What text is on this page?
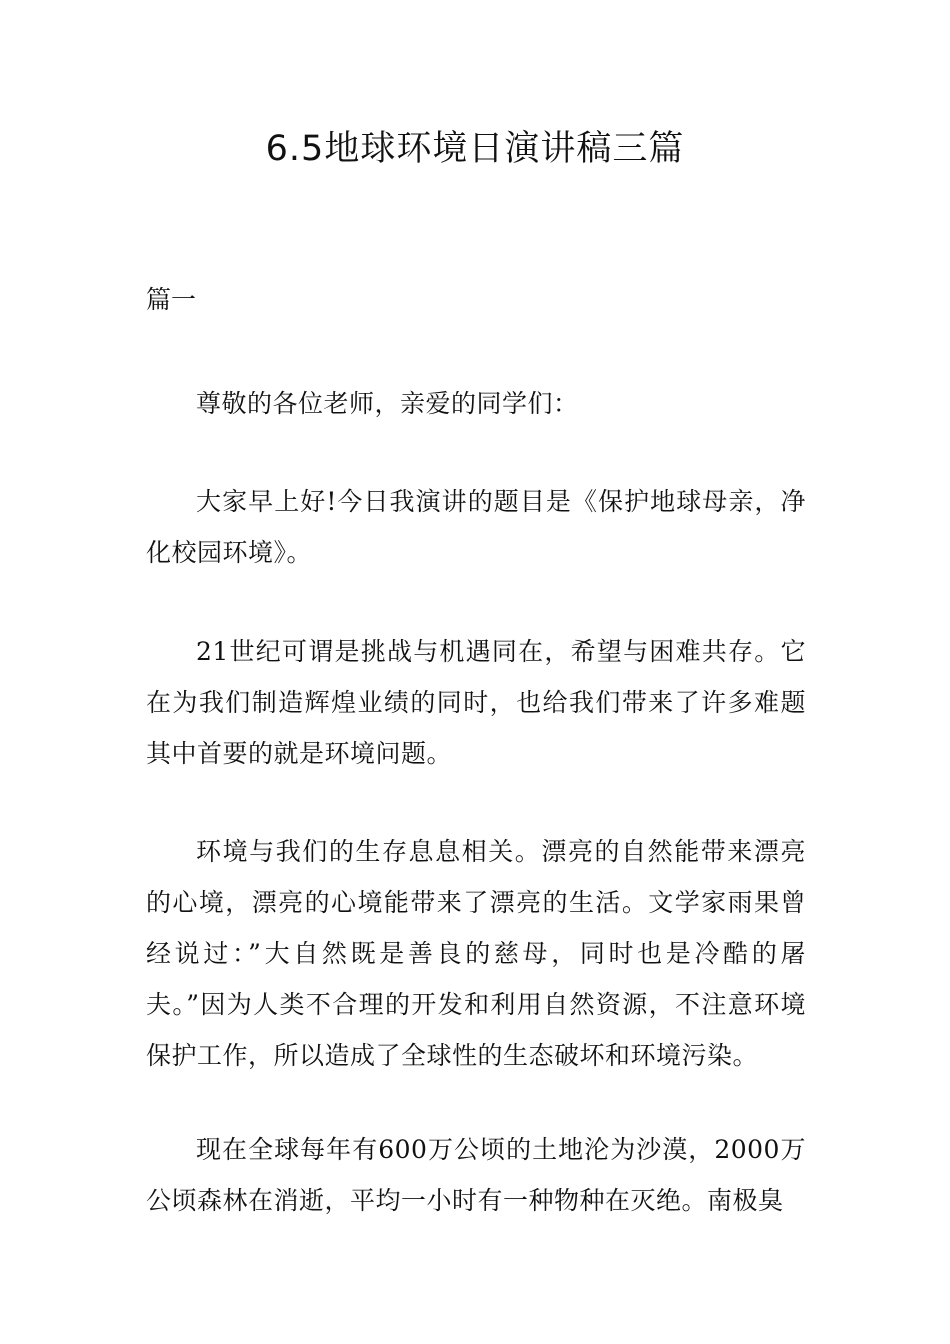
6.5地球环境日演讲稿三篇

篇一

尊敬的各位老师，亲爱的同学们：

大家早上好!今日我演讲的题目是《保护地球母亲，净化校园环境》。

21世纪可谓是挑战与机遇同在，希望与困难共存。它在为我们制造辉煌业绩的同时，也给我们带来了许多难题其中首要的就是环境问题。

环境与我们的生存息息相关。漂亮的自然能带来漂亮的心境，漂亮的心境能带来了漂亮的生活。文学家雨果曾经说过：”大自然既是善良的慈母，同时也是冷酷的屠夫。”因为人类不合理的开发和利用自然资源，不注意环境保护工作，所以造成了全球性的生态破坏和环境污染。

现在全球每年有600万公顷的土地沦为沙漠，2000万公顷森林在消逝，平均一小时有一种物种在灭绝。南极臭
